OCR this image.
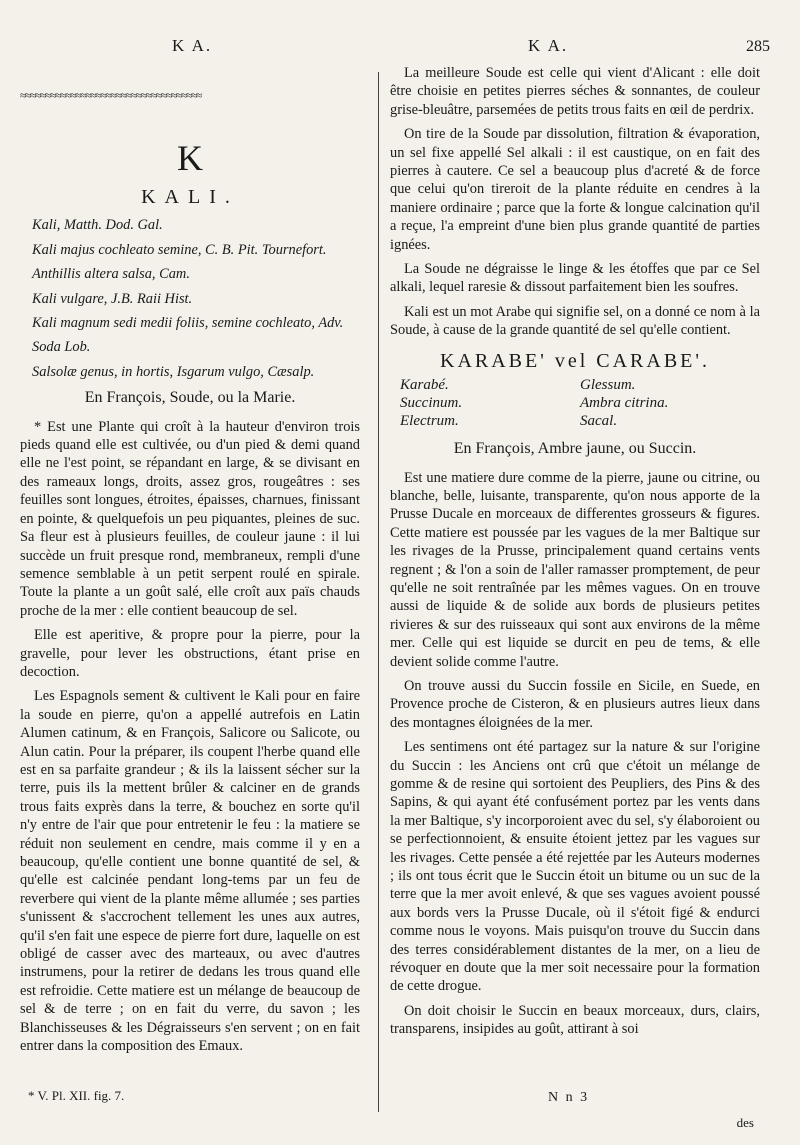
K A.	K A.	285
≈≈≈≈≈≈≈≈≈≈≈≈≈≈≈≈≈≈≈≈≈≈≈≈≈≈≈≈≈≈≈≈≈≈≈≈
K
KALI.

Kali, Matth. Dod. Gal.

Kali majus cochleato semine, C. B. Pit. Tournefort.

Anthillis altera salsa, Cam.

Kali vulgare, J.B. Raii Hist.

Kali magnum sedi medii foliis, semine cochleato, Adv.

Soda Lob.

Salsolæ genus, in hortis, Isgarum vulgo, Cæsalp.

En François, Soude, ou la Marie.

* Est une Plante qui croît à la hauteur d'environ trois pieds quand elle est cultivée, ou d'un pied & demi quand elle ne l'est point, se répandant en large, & se divisant en des rameaux longs, droits, assez gros, rougeâtres : ses feuilles sont longues, étroites, épaisses, charnues, finissant en pointe, & quelquefois un peu piquantes, pleines de suc. Sa fleur est à plusieurs feuilles, de couleur jaune : il lui succède un fruit presque rond, membraneux, rempli d'une semence semblable à un petit serpent roulé en spirale. Toute la plante a un goût salé, elle croît aux païs chauds proche de la mer : elle contient beaucoup de sel.

Elle est aperitive, & propre pour la pierre, pour la gravelle, pour lever les obstructions, étant prise en decoction.

Les Espagnols sement & cultivent le Kali pour en faire la soude en pierre, qu'on a appellé autrefois en Latin Alumen catinum, & en François, Salicore ou Salicote, ou Alun catin. Pour la préparer, ils coupent l'herbe quand elle est en sa parfaite grandeur ; & ils la laissent sécher sur la terre, puis ils la mettent brûler & calciner en de grands trous faits exprès dans la terre, & bouchez en sorte qu'il n'y entre de l'air que pour entretenir le feu : la matiere se réduit non seulement en cendre, mais comme il y en a beaucoup, qu'elle contient une bonne quantité de sel, & qu'elle est calcinée pendant long-tems par un feu de reverbere qui vient de la plante même allumée ; ses parties s'unissent & s'accrochent tellement les unes aux autres, qu'il s'en fait une espece de pierre fort dure, laquelle on est obligé de casser avec des marteaux, ou avec d'autres instrumens, pour la retirer de dedans les trous quand elle est refroidie. Cette matiere est un mélange de beaucoup de sel & de terre ; on en fait du verre, du savon ; les Blanchisseuses & les Dégraisseurs s'en servent ; on en fait entrer dans la composition des Emaux.

* V. Pl. XII. fig. 7.

La meilleure Soude est celle qui vient d'Alicant : elle doit être choisie en petites pierres séches & sonnantes, de couleur grise-bleuâtre, parsemées de petits trous faits en œil de perdrix.

On tire de la Soude par dissolution, filtration & évaporation, un sel fixe appellé Sel alkali : il est caustique, on en fait des pierres à cautere. Ce sel a beaucoup plus d'acreté & de force que celui qu'on tireroit de la plante réduite en cendres à la maniere ordinaire ; parce que la forte & longue calcination qu'il a reçue, l'a empreint d'une bien plus grande quantité de parties ignées.

La Soude ne dégraisse le linge & les étoffes que par ce Sel alkali, lequel raresie & dissout parfaitement bien les soufres.

Kali est un mot Arabe qui signifie sel, on a donné ce nom à la Soude, à cause de la grande quantité de sel qu'elle contient.

KARABE' vel CARABE'.
Karabé.	Glessum.
Succinum.	Ambra citrina.
Electrum.	Sacal.
En François, Ambre jaune, ou Succin.

Est une matiere dure comme de la pierre, jaune ou citrine, ou blanche, belle, luisante, transparente, qu'on nous apporte de la Prusse Ducale en morceaux de differentes grosseurs & figures. Cette matiere est poussée par les vagues de la mer Baltique sur les rivages de la Prusse, principalement quand certains vents regnent ; & l'on a soin de l'aller ramasser promptement, de peur qu'elle ne soit rentraînée par les mêmes vagues. On en trouve aussi de liquide & de solide aux bords de plusieurs petites rivieres & sur des ruisseaux qui sont aux environs de la même mer. Celle qui est liquide se durcit en peu de tems, & elle devient solide comme l'autre.

On trouve aussi du Succin fossile en Sicile, en Suede, en Provence proche de Cisteron, & en plusieurs autres lieux dans des montagnes éloignées de la mer.

Les sentimens ont été partagez sur la nature & sur l'origine du Succin : les Anciens ont crû que c'étoit un mélange de gomme & de resine qui sortoient des Peupliers, des Pins & des Sapins, & qui ayant été confusément portez par les vents dans la mer Baltique, s'y incorporoient avec du sel, s'y élaboroient ou se perfectionnoient, & ensuite étoient jettez par les vagues sur les rivages. Cette pensée a été rejettée par les Auteurs modernes ; ils ont tous écrit que le Succin étoit un bitume ou un suc de la terre que la mer avoit enlevé, & que ses vagues avoient poussé aux bords vers la Prusse Ducale, où il s'étoit figé & endurci comme nous le voyons. Mais puisqu'on trouve du Succin dans des terres considérablement distantes de la mer, on a lieu de révoquer en doute que la mer soit necessaire pour la formation de cette drogue.

On doit choisir le Succin en beaux morceaux, durs, clairs, transparens, insipides au goût, attirant à soi

N n 3
des
